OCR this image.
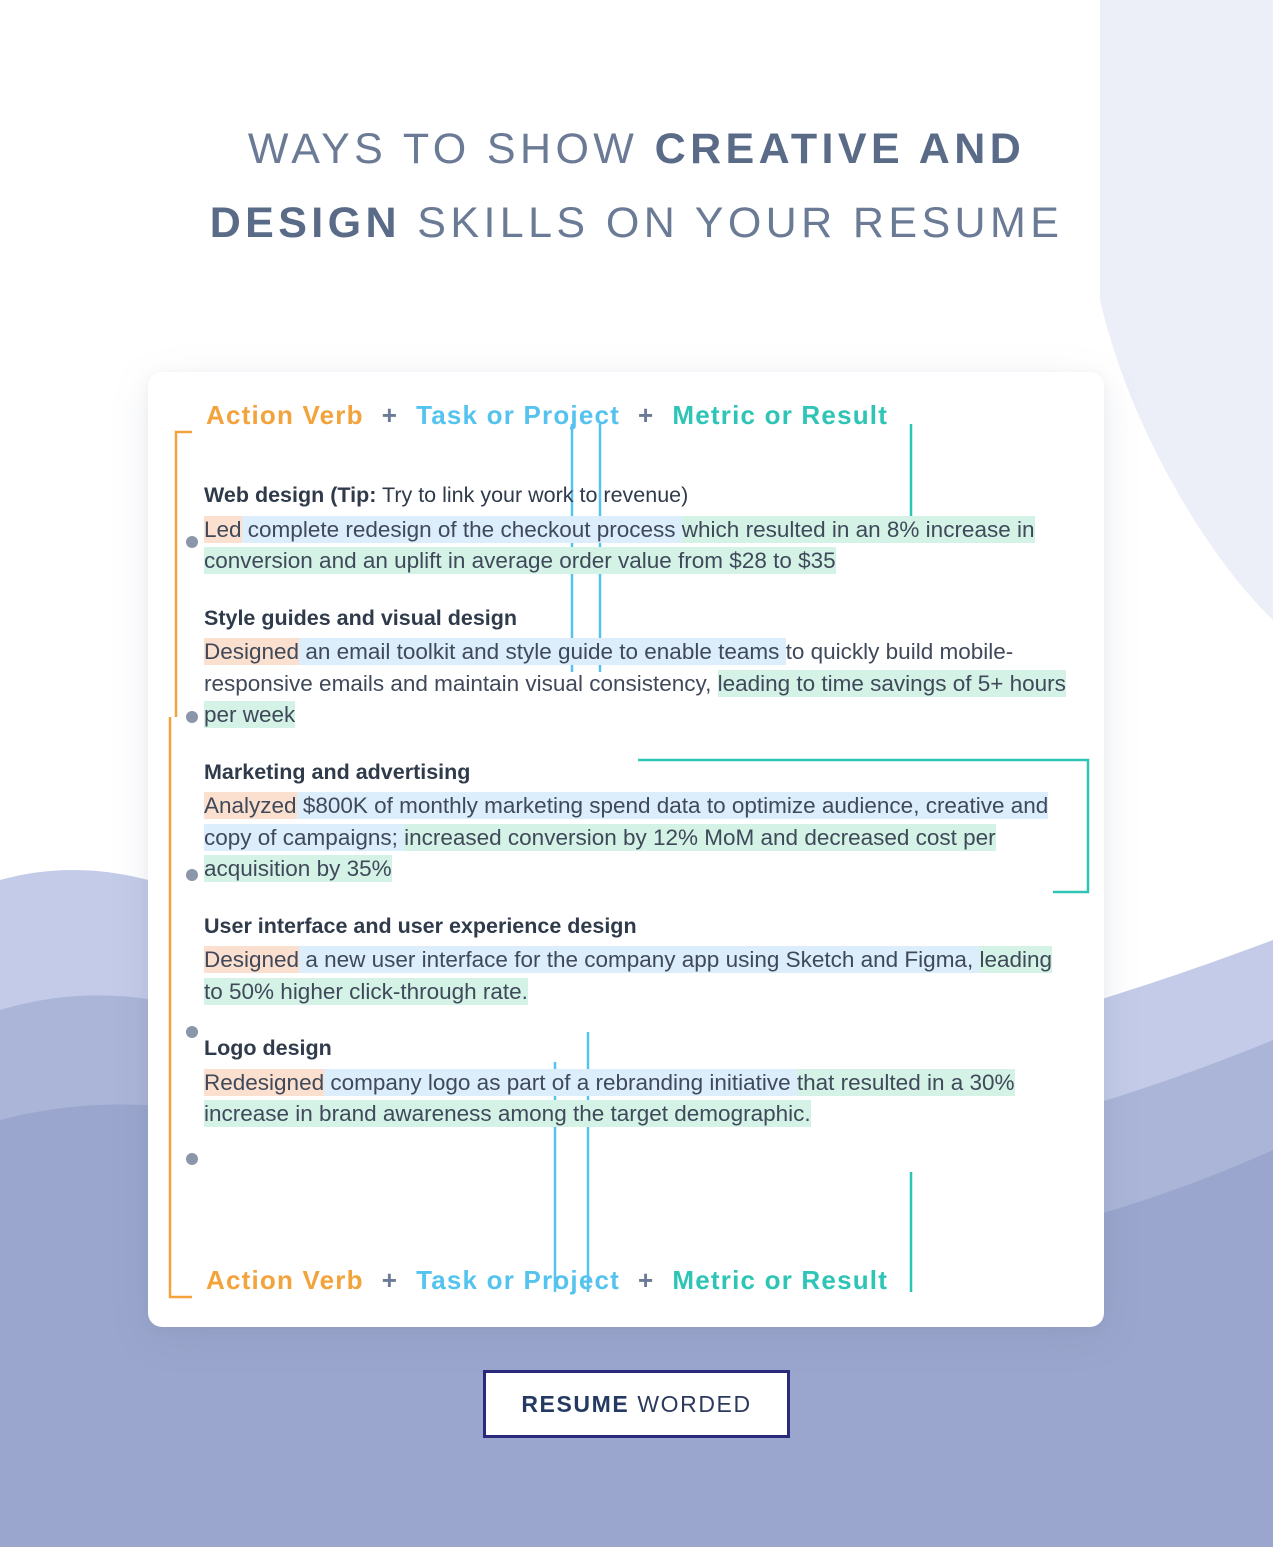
WAYS TO SHOW CREATIVE AND
DESIGN SKILLS ON YOUR RESUME
Action Verb + Task or Project + Metric or Result
Web design (Tip: Try to link your work to revenue)
Led complete redesign of the checkout process which resulted in an 8% increase in conversion and an uplift in average order value from $28 to $35
Style guides and visual design
Designed an email toolkit and style guide to enable teams to quickly build mobile-responsive emails and maintain visual consistency, leading to time savings of 5+ hours per week
Marketing and advertising
Analyzed $800K of monthly marketing spend data to optimize audience, creative and copy of campaigns; increased conversion by 12% MoM and decreased cost per acquisition by 35%
User interface and user experience design
Designed a new user interface for the company app using Sketch and Figma, leading to 50% higher click-through rate.
Logo design
Redesigned company logo as part of a rebranding initiative that resulted in a 30% increase in brand awareness among the target demographic.
Action Verb + Task or Project + Metric or Result
RESUME WORDED
